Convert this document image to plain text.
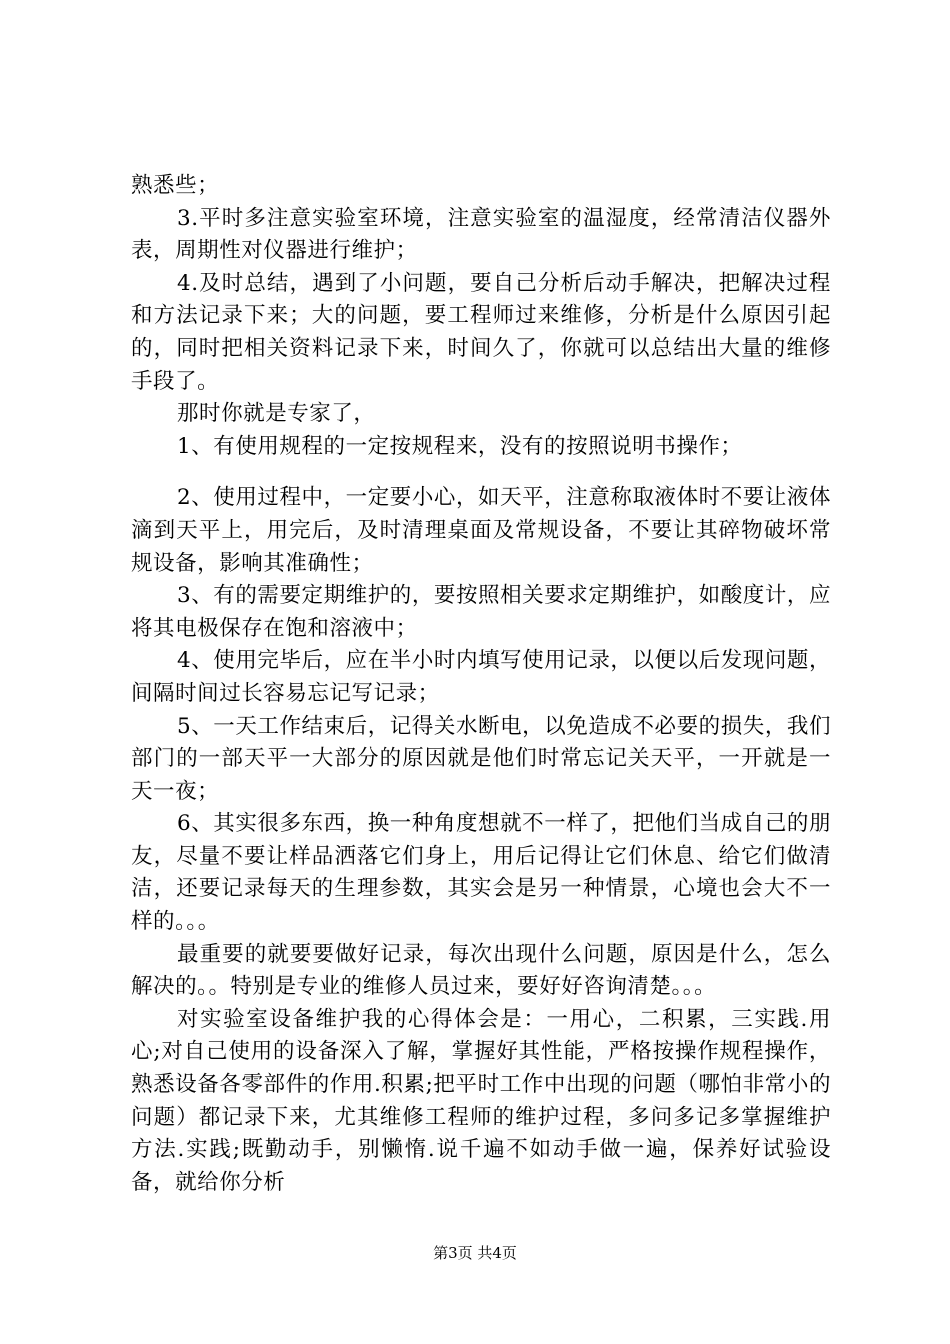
熟悉些；

3.平时多注意实验室环境，注意实验室的温湿度，经常清洁仪器外表，周期性对仪器进行维护；

4.及时总结，遇到了小问题，要自己分析后动手解决，把解决过程和方法记录下来；大的问题，要工程师过来维修，分析是什么原因引起的，同时把相关资料记录下来，时间久了，你就可以总结出大量的维修手段了。

那时你就是专家了，

1、有使用规程的一定按规程来，没有的按照说明书操作；

2、使用过程中，一定要小心，如天平，注意称取液体时不要让液体滴到天平上，用完后，及时清理桌面及常规设备，不要让其碎物破坏常规设备，影响其准确性；

3、有的需要定期维护的，要按照相关要求定期维护，如酸度计，应将其电极保存在饱和溶液中；

4、使用完毕后，应在半小时内填写使用记录，以便以后发现问题，间隔时间过长容易忘记写记录；

5、一天工作结束后，记得关水断电，以免造成不必要的损失，我们部门的一部天平一大部分的原因就是他们时常忘记关天平，一开就是一天一夜；

6、其实很多东西，换一种角度想就不一样了，把他们当成自己的朋友，尽量不要让样品洒落它们身上，用后记得让它们休息、给它们做清洁，还要记录每天的生理参数，其实会是另一种情景，心境也会大不一样的。。。

最重要的就要要做好记录，每次出现什么问题，原因是什么，怎么解决的。。特别是专业的维修人员过来，要好好咨询清楚。。。

对实验室设备维护我的心得体会是：一用心，二积累，三实践.用心;对自己使用的设备深入了解，掌握好其性能，严格按操作规程操作，熟悉设备各零部件的作用.积累;把平时工作中出现的问题（哪怕非常小的问题）都记录下来，尤其维修工程师的维护过程，多问多记多掌握维护方法.实践;既勤动手，别懒惰.说千遍不如动手做一遍，保养好试验设备，就给你分析

第3页 共4页
